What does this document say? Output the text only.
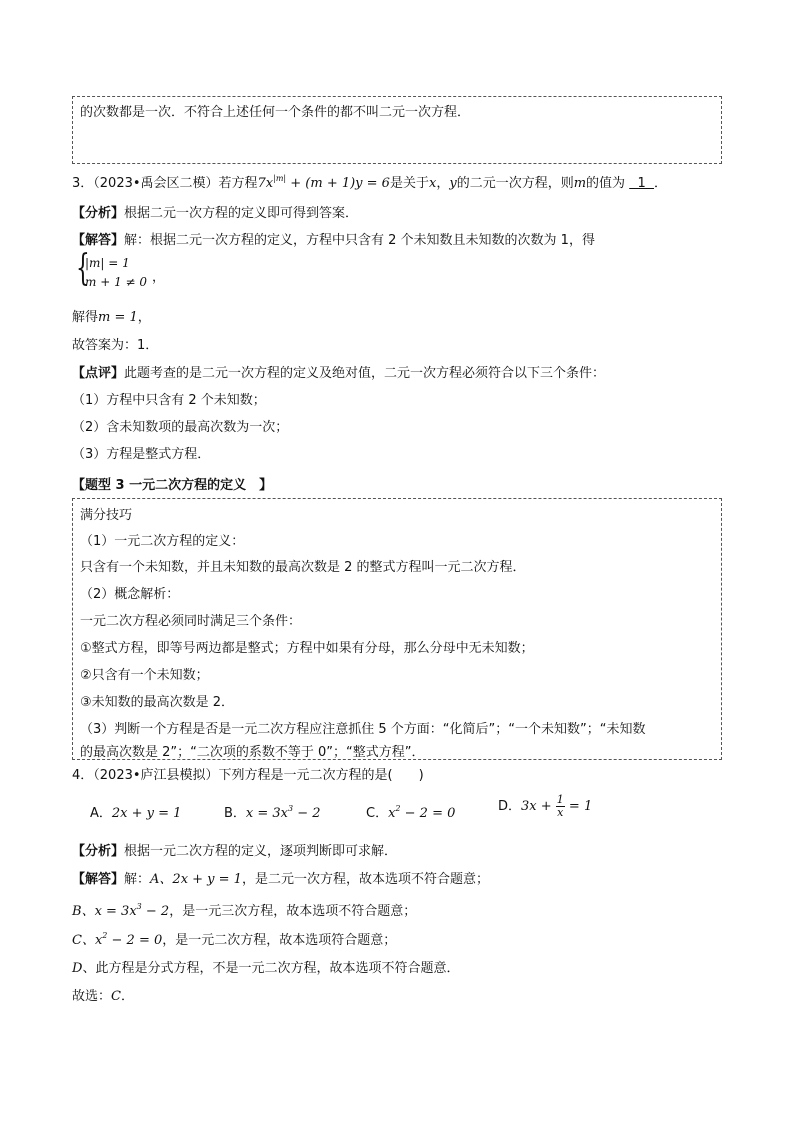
的次数都是一次．不符合上述任何一个条件的都不叫二元一次方程．
3．（2023•禹会区二模）若方程$7x^{|m|} + (m + 1)y = 6$是关于x，y的二元一次方程，则m的值为   1  ．
【分析】根据二元一次方程的定义即可得到答案．
【解答】解：根据二元一次方程的定义，方程中只含有 2 个未知数且未知数的次数为 1，得
{
|m| = 1
m + 1 ≠ 0 ，
解得m = 1，
故答案为：1．
【点评】此题考查的是二元一次方程的定义及绝对值，二元一次方程必须符合以下三个条件：
（1）方程中只含有 2 个未知数；
（2）含未知数项的最高次数为一次；
（3）方程是整式方程．
【题型 3 一元二次方程的定义　】
满分技巧
（1）一元二次方程的定义：
只含有一个未知数，并且未知数的最高次数是 2 的整式方程叫一元二次方程．
（2）概念解析：
一元二次方程必须同时满足三个条件：
①整式方程，即等号两边都是整式；方程中如果有分母，那么分母中无未知数；
②只含有一个未知数；
③未知数的最高次数是 2．
（3）判断一个方程是否是一元二次方程应注意抓住 5 个方面：“化简后”；“一个未知数”；“未知数
的最高次数是 2”；“二次项的系数不等于 0”；“整式方程”．
4．（2023•庐江县模拟）下列方程是一元二次方程的是(　　)
A．2x + y = 1	B．$x = 3x^3 - 2$	C．$x^2 - 2 = 0$	D．$3x + \frac{1}{x} = 1$
【分析】根据一元二次方程的定义，逐项判断即可求解．
【解答】解：A、2x + y = 1，是二元一次方程，故本选项不符合题意；
B、$x = 3x^3 - 2$，是一元三次方程，故本选项不符合题意；
C、$x^2 - 2 = 0$，是一元二次方程，故本选项符合题意；
D、此方程是分式方程，不是一元二次方程，故本选项不符合题意．
故选：C．
